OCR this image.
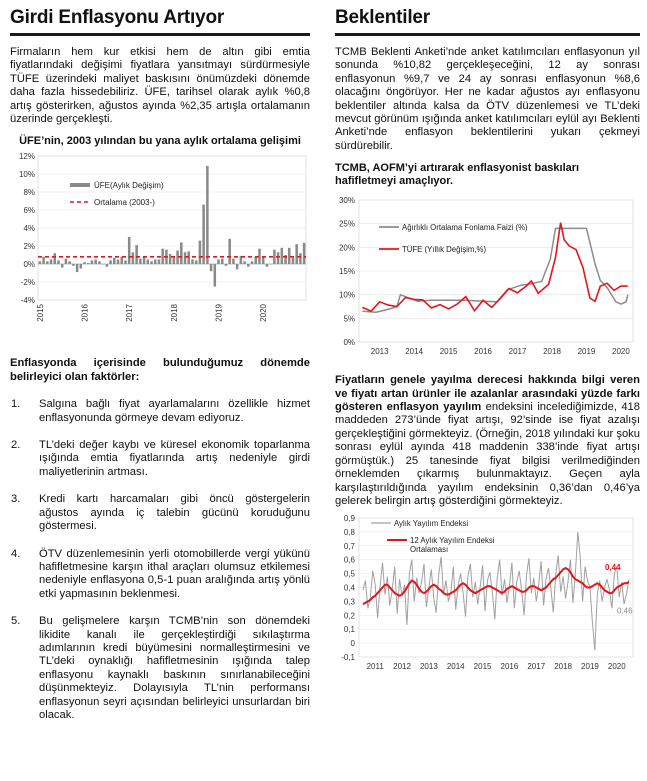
Girdi Enflasyonu Artıyor

Firmaların hem kur etkisi hem de altın gibi emtia fiyatlarındaki değişimi fiyatlara yansıtmayı sürdürmesiyle TÜFE üzerindeki maliyet baskısını önümüzdeki dönemde daha fazla hissedebiliriz. ÜFE, tarihsel olarak aylık %0,8 artış gösterirken, ağustos ayında %2,35 artışla ortalamanın üzerinde gerçekleşti.

ÜFE’nin, 2003 yılından bu yana aylık ortalama gelişimi
12%
10%
8%
6%
4%
2%
0%
-2%
-4%
ÜFE(Aylık Değişim)
Ortalama (2003-)
2015	2016	2017	2018	2019	2020

Enflasyonda içerisinde bulunduğumuz dönemde belirleyici olan faktörler:

1. Salgına bağlı fiyat ayarlamalarını özellikle hizmet enflasyonunda görmeye devam ediyoruz.
2. TL’deki değer kaybı ve küresel ekonomik toparlanma ışığında emtia fiyatlarında artış nedeniyle girdi maliyetlerinin artması.
3. Kredi kartı harcamaları gibi öncü göstergelerin ağustos ayında iç talebin gücünü koruduğunu göstermesi.
4. ÖTV düzenlemesinin yerli otomobillerde vergi yükünü hafifletmesine karşın ithal araçları olumsuz etkilemesi nedeniyle enflasyona 0,5-1 puan aralığında artış yönlü etki yapmasının beklenmesi.
5. Bu gelişmelere karşın TCMB’nin son dönemdeki likidite kanalı ile gerçekleştirdiği sıkılaştırma adımlarının kredi büyümesini normalleştirmesini ve TL’deki oynaklığı hafifletmesinin ışığında talep enflasyonu kaynaklı baskının sınırlanabileceğini düşünmekteyiz. Dolayısıyla TL’nin performansı enflasyonun seyri açısından belirleyici unsurlardan biri olacak.
Beklentiler

TCMB Beklenti Anketi’nde anket katılımcıları enflasyonun yıl sonunda %10,82 gerçekleşeceğini, 12 ay sonrası enflasyonun %9,7 ve 24 ay sonrası enflasyonun %8,6 olacağını öngörüyor. Her ne kadar ağustos ayı enflasyonu beklentiler altında kalsa da ÖTV düzenlemesi ve TL’deki mevcut görünüm ışığında anket katılımcıları eylül ayı Beklenti Anketi’nde enflasyon beklentilerini yukarı çekmeyi sürdürebilir.

TCMB, AOFM’yi artırarak enflasyonist baskıları hafifletmeyi amaçlıyor.
30%
25%
20%
15%
10%
5%
0%
2013 2014 2015 2016 2017 2018 2019 2020
Ağırlıklı Ortalama Fonlama Faizi (%)
TÜFE (Yıllık Değişim,%)

Fiyatların genele yayılma derecesi hakkında bilgi veren ve fiyatı artan ürünler ile azalanlar arasındaki yüzde farkı gösteren enflasyon yayılım endeksini incelediğimizde, 418 maddeden 273’ünde fiyat artışı, 92’sinde ise fiyat azalışı gerçekleştiğini görmekteyiz. (Örneğin, 2018 yılındaki kur şoku sonrası eylül ayında 418 maddenin 338’inde fiyat artışı görmüştük.) 25 tanesinde fiyat bilgisi verilmediğinden örneklemden çıkarmış bulunmaktayız. Geçen ayla karşılaştırıldığında yayılım endeksinin 0,36’dan 0,46’ya gelerek belirgin artış gösterdiğini görmekteyiz.

0,9
0,8
0,7
0,6
0,5
0,4
0,3
0,2
0,1
0
-0,1
2011 2012 2013 2014 2015 2016 2017 2018 2019 2020
Aylık Yayılım Endeksi
12 Aylık Yayılım Endeksi
Ortalaması
0,44
0,46
